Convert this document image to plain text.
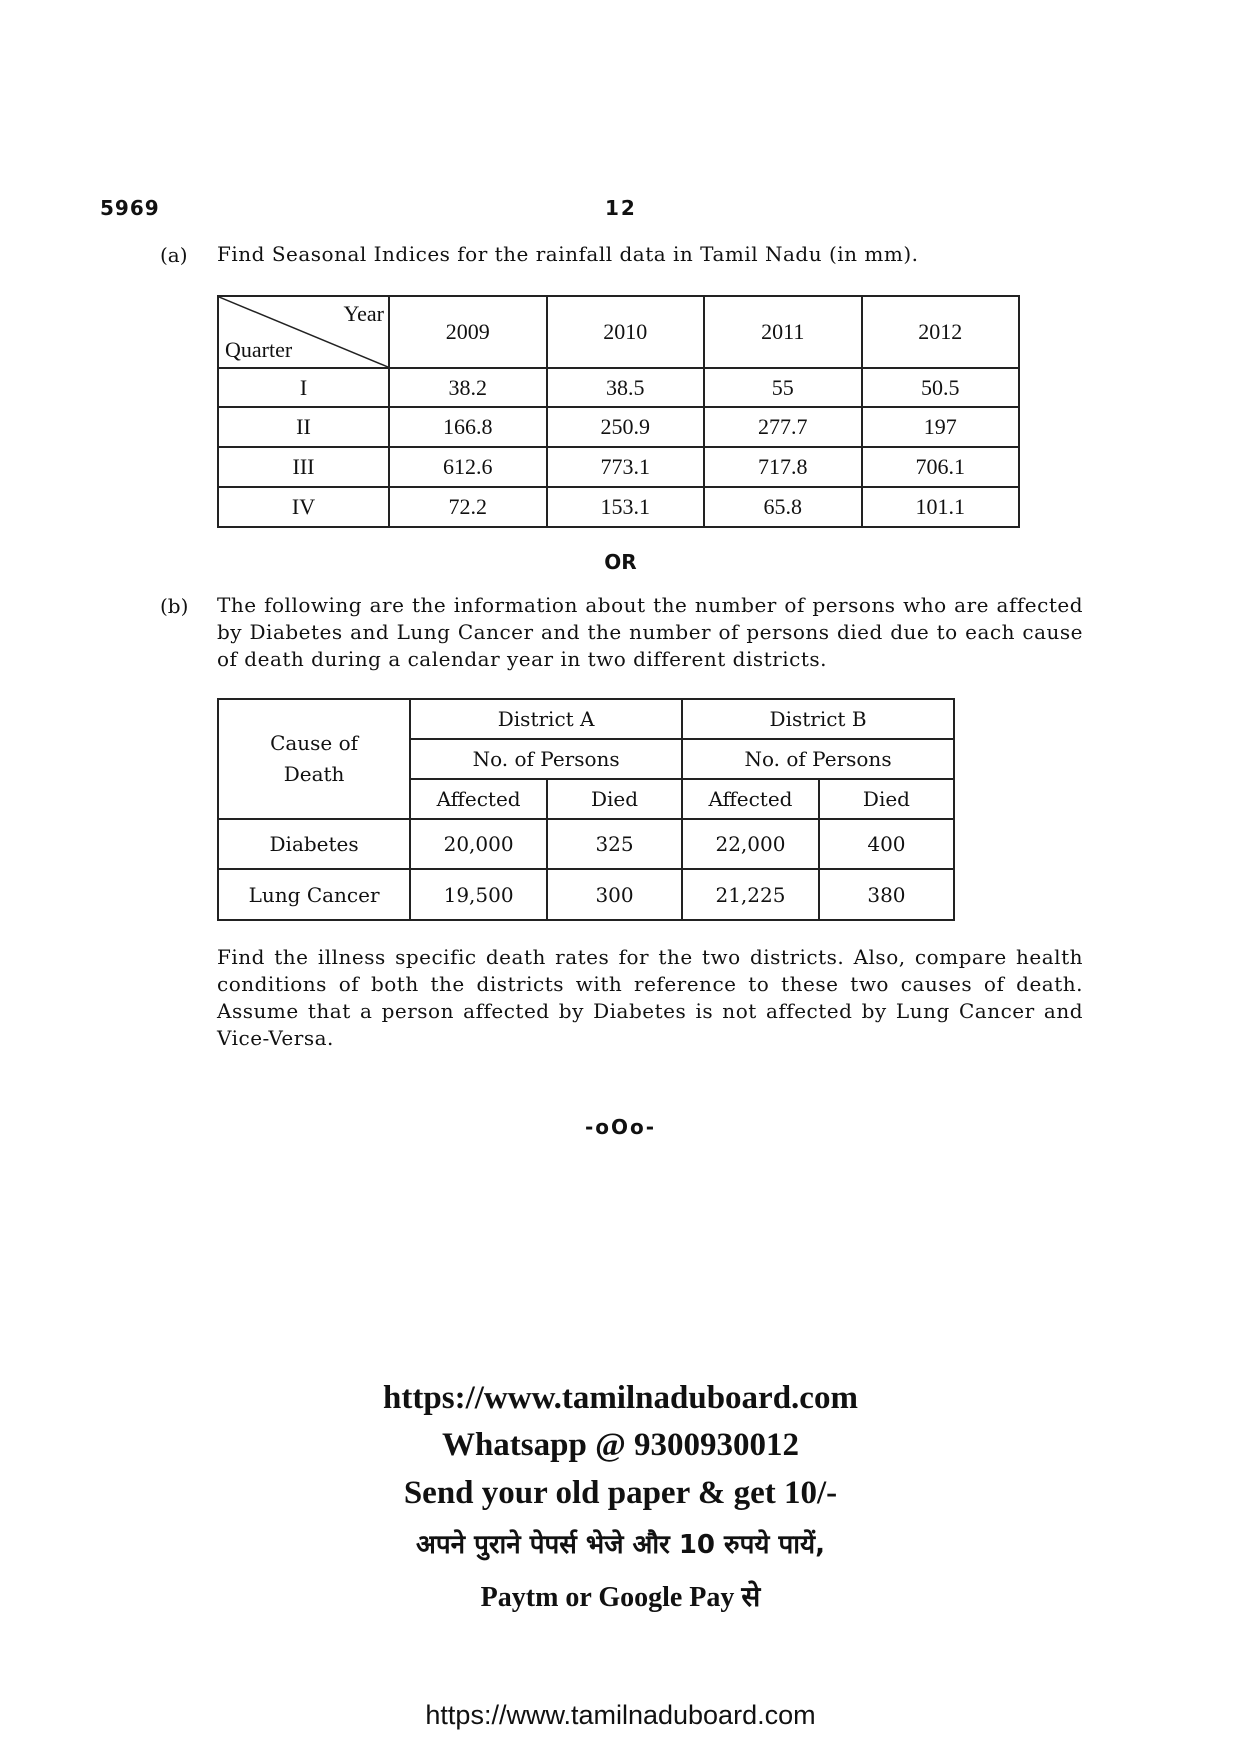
5969	12
(a) Find Seasonal Indices for the rainfall data in Tamil Nadu (in mm).
Year
Quarter	2009	2010	2011	2012
I	38.2	38.5	55	50.5
II	166.8	250.9	277.7	197
III	612.6	773.1	717.8	706.1
IV	72.2	153.1	65.8	101.1
OR
(b) The following are the information about the number of persons who are affected by Diabetes and Lung Cancer and the number of persons died due to each cause of death during a calendar year in two different districts.
Cause of Death	District A		District B	
	No. of Persons		No. of Persons	
	Affected	Died	Affected	Died
Diabetes	20,000	325	22,000	400
Lung Cancer	19,500	300	21,225	380
Find the illness specific death rates for the two districts. Also, compare health conditions of both the districts with reference to these two causes of death. Assume that a person affected by Diabetes is not affected by Lung Cancer and Vice-Versa.
-oOo-
https://www.tamilnaduboard.com
Whatsapp @ 9300930012
Send your old paper & get 10/-
अपने पुराने पेपर्स भेजे और 10 रुपये पायें,
Paytm or Google Pay से
https://www.tamilnaduboard.com
